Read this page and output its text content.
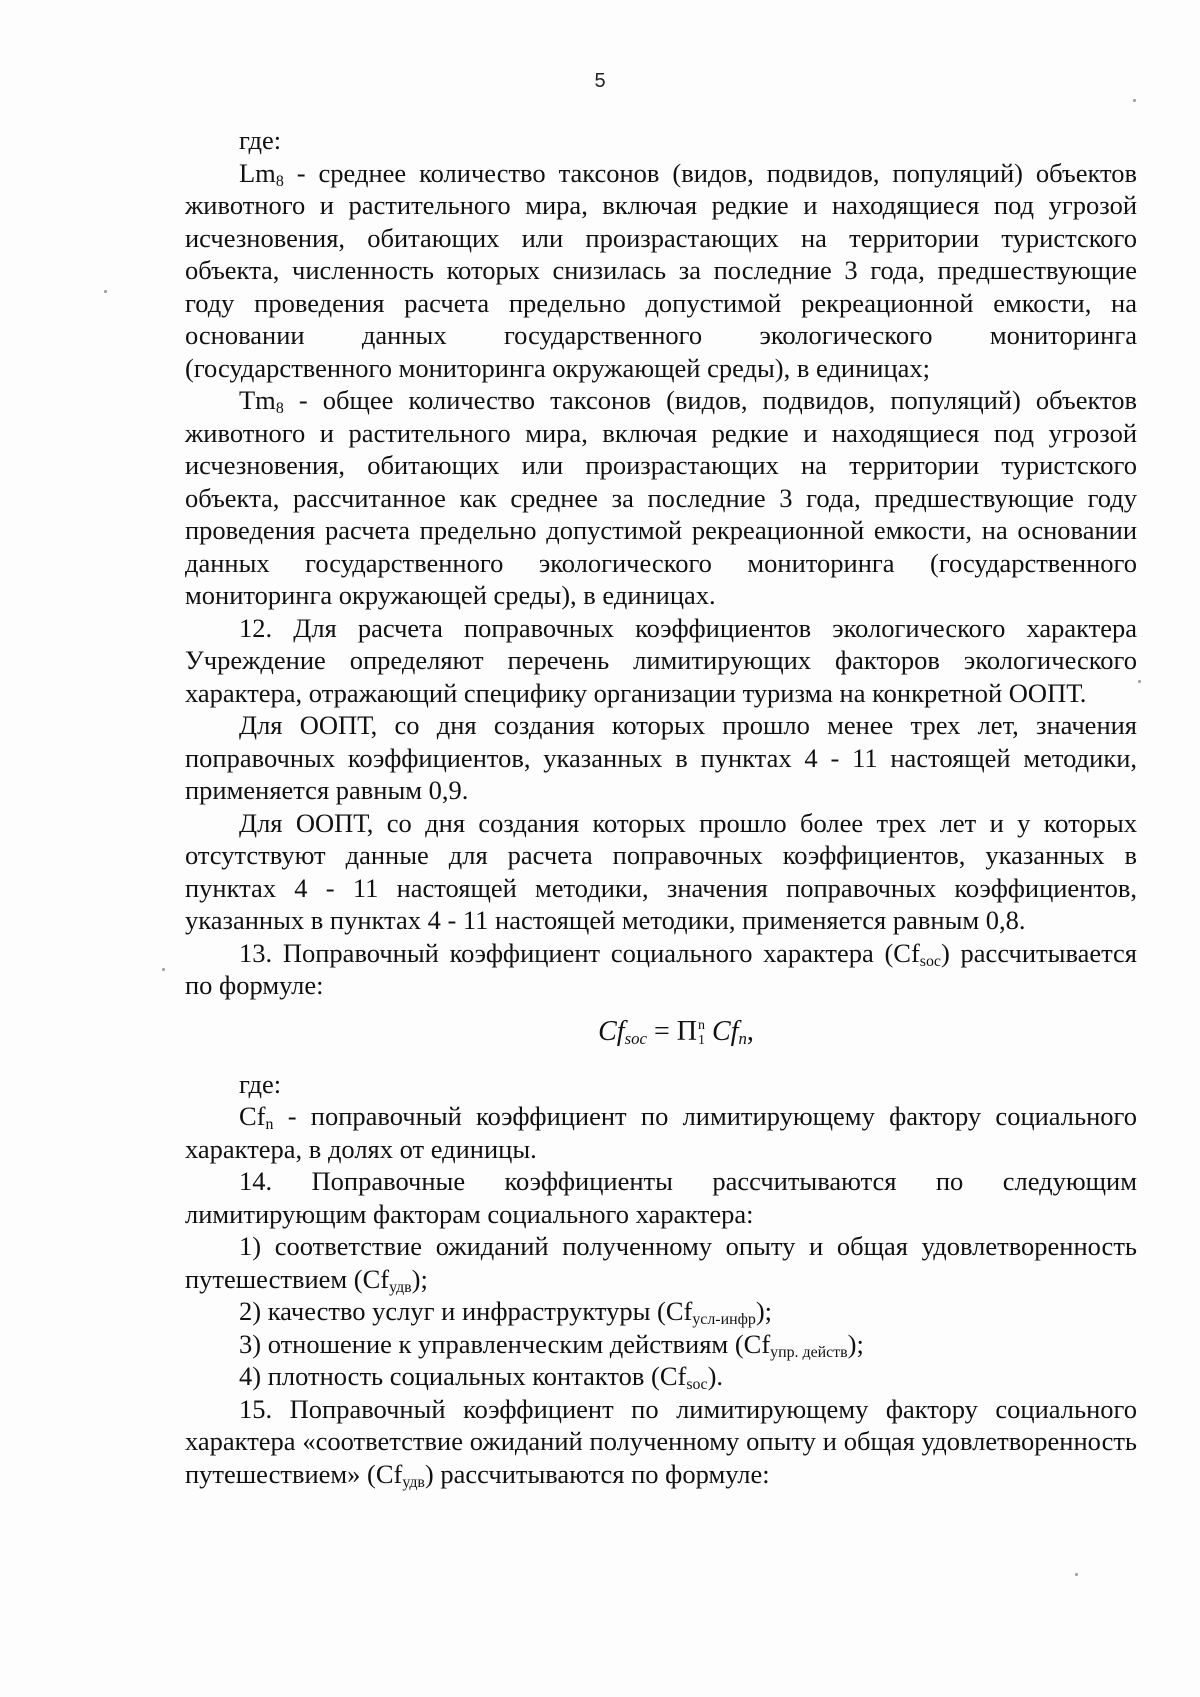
5

где:

$Lm_8$ - среднее количество таксонов (видов, подвидов, популяций) объектов животного и растительного мира, включая редкие и находящиеся под угрозой исчезновения, обитающих или произрастающих на территории туристского объекта, численность которых снизилась за последние 3 года, предшествующие году проведения расчета предельно допустимой рекреационной емкости, на основании данных государственного экологического мониторинга (государственного мониторинга окружающей среды), в единицах;

$Tm_8$ - общее количество таксонов (видов, подвидов, популяций) объектов животного и растительного мира, включая редкие и находящиеся под угрозой исчезновения, обитающих или произрастающих на территории туристского объекта, рассчитанное как среднее за последние 3 года, предшествующие году проведения расчета предельно допустимой рекреационной емкости, на основании данных государственного экологического мониторинга (государственного мониторинга окружающей среды), в единицах.

12. Для расчета поправочных коэффициентов экологического характера Учреждение определяют перечень лимитирующих факторов экологического характера, отражающий специфику организации туризма на конкретной ООПТ.

Для ООПТ, со дня создания которых прошло менее трех лет, значения поправочных коэффициентов, указанных в пунктах 4 - 11 настоящей методики, применяется равным 0,9.

Для ООПТ, со дня создания которых прошло более трех лет и у которых отсутствуют данные для расчета поправочных коэффициентов, указанных в пунктах 4 - 11 настоящей методики, значения поправочных коэффициентов, указанных в пунктах 4 - 11 настоящей методики, применяется равным 0,8.

13. Поправочный коэффициент социального характера $(Cf_{soc})$ рассчитывается по формуле:

$Cf_{soc} = \Pi$ n
1 $Cf_n$,

где:

$Cf_n$ - поправочный коэффициент по лимитирующему фактору социального характера, в долях от единицы.

14. Поправочные коэффициенты рассчитываются по следующим лимитирующим факторам социального характера:

1) соответствие ожиданий полученному опыту и общая удовлетворенность путешествием $(Cf_{удв})$;

2) качество услуг и инфраструктуры $(Cf_{усл-инфр})$;

3) отношение к управленческим действиям $(Cf_{упр. действ})$;

4) плотность социальных контактов $(Cf_{soc})$.

15. Поправочный коэффициент по лимитирующему фактору социального характера «соответствие ожиданий полученному опыту и общая удовлетворенность путешествием» $(Cf_{удв})$ рассчитываются по формуле:
